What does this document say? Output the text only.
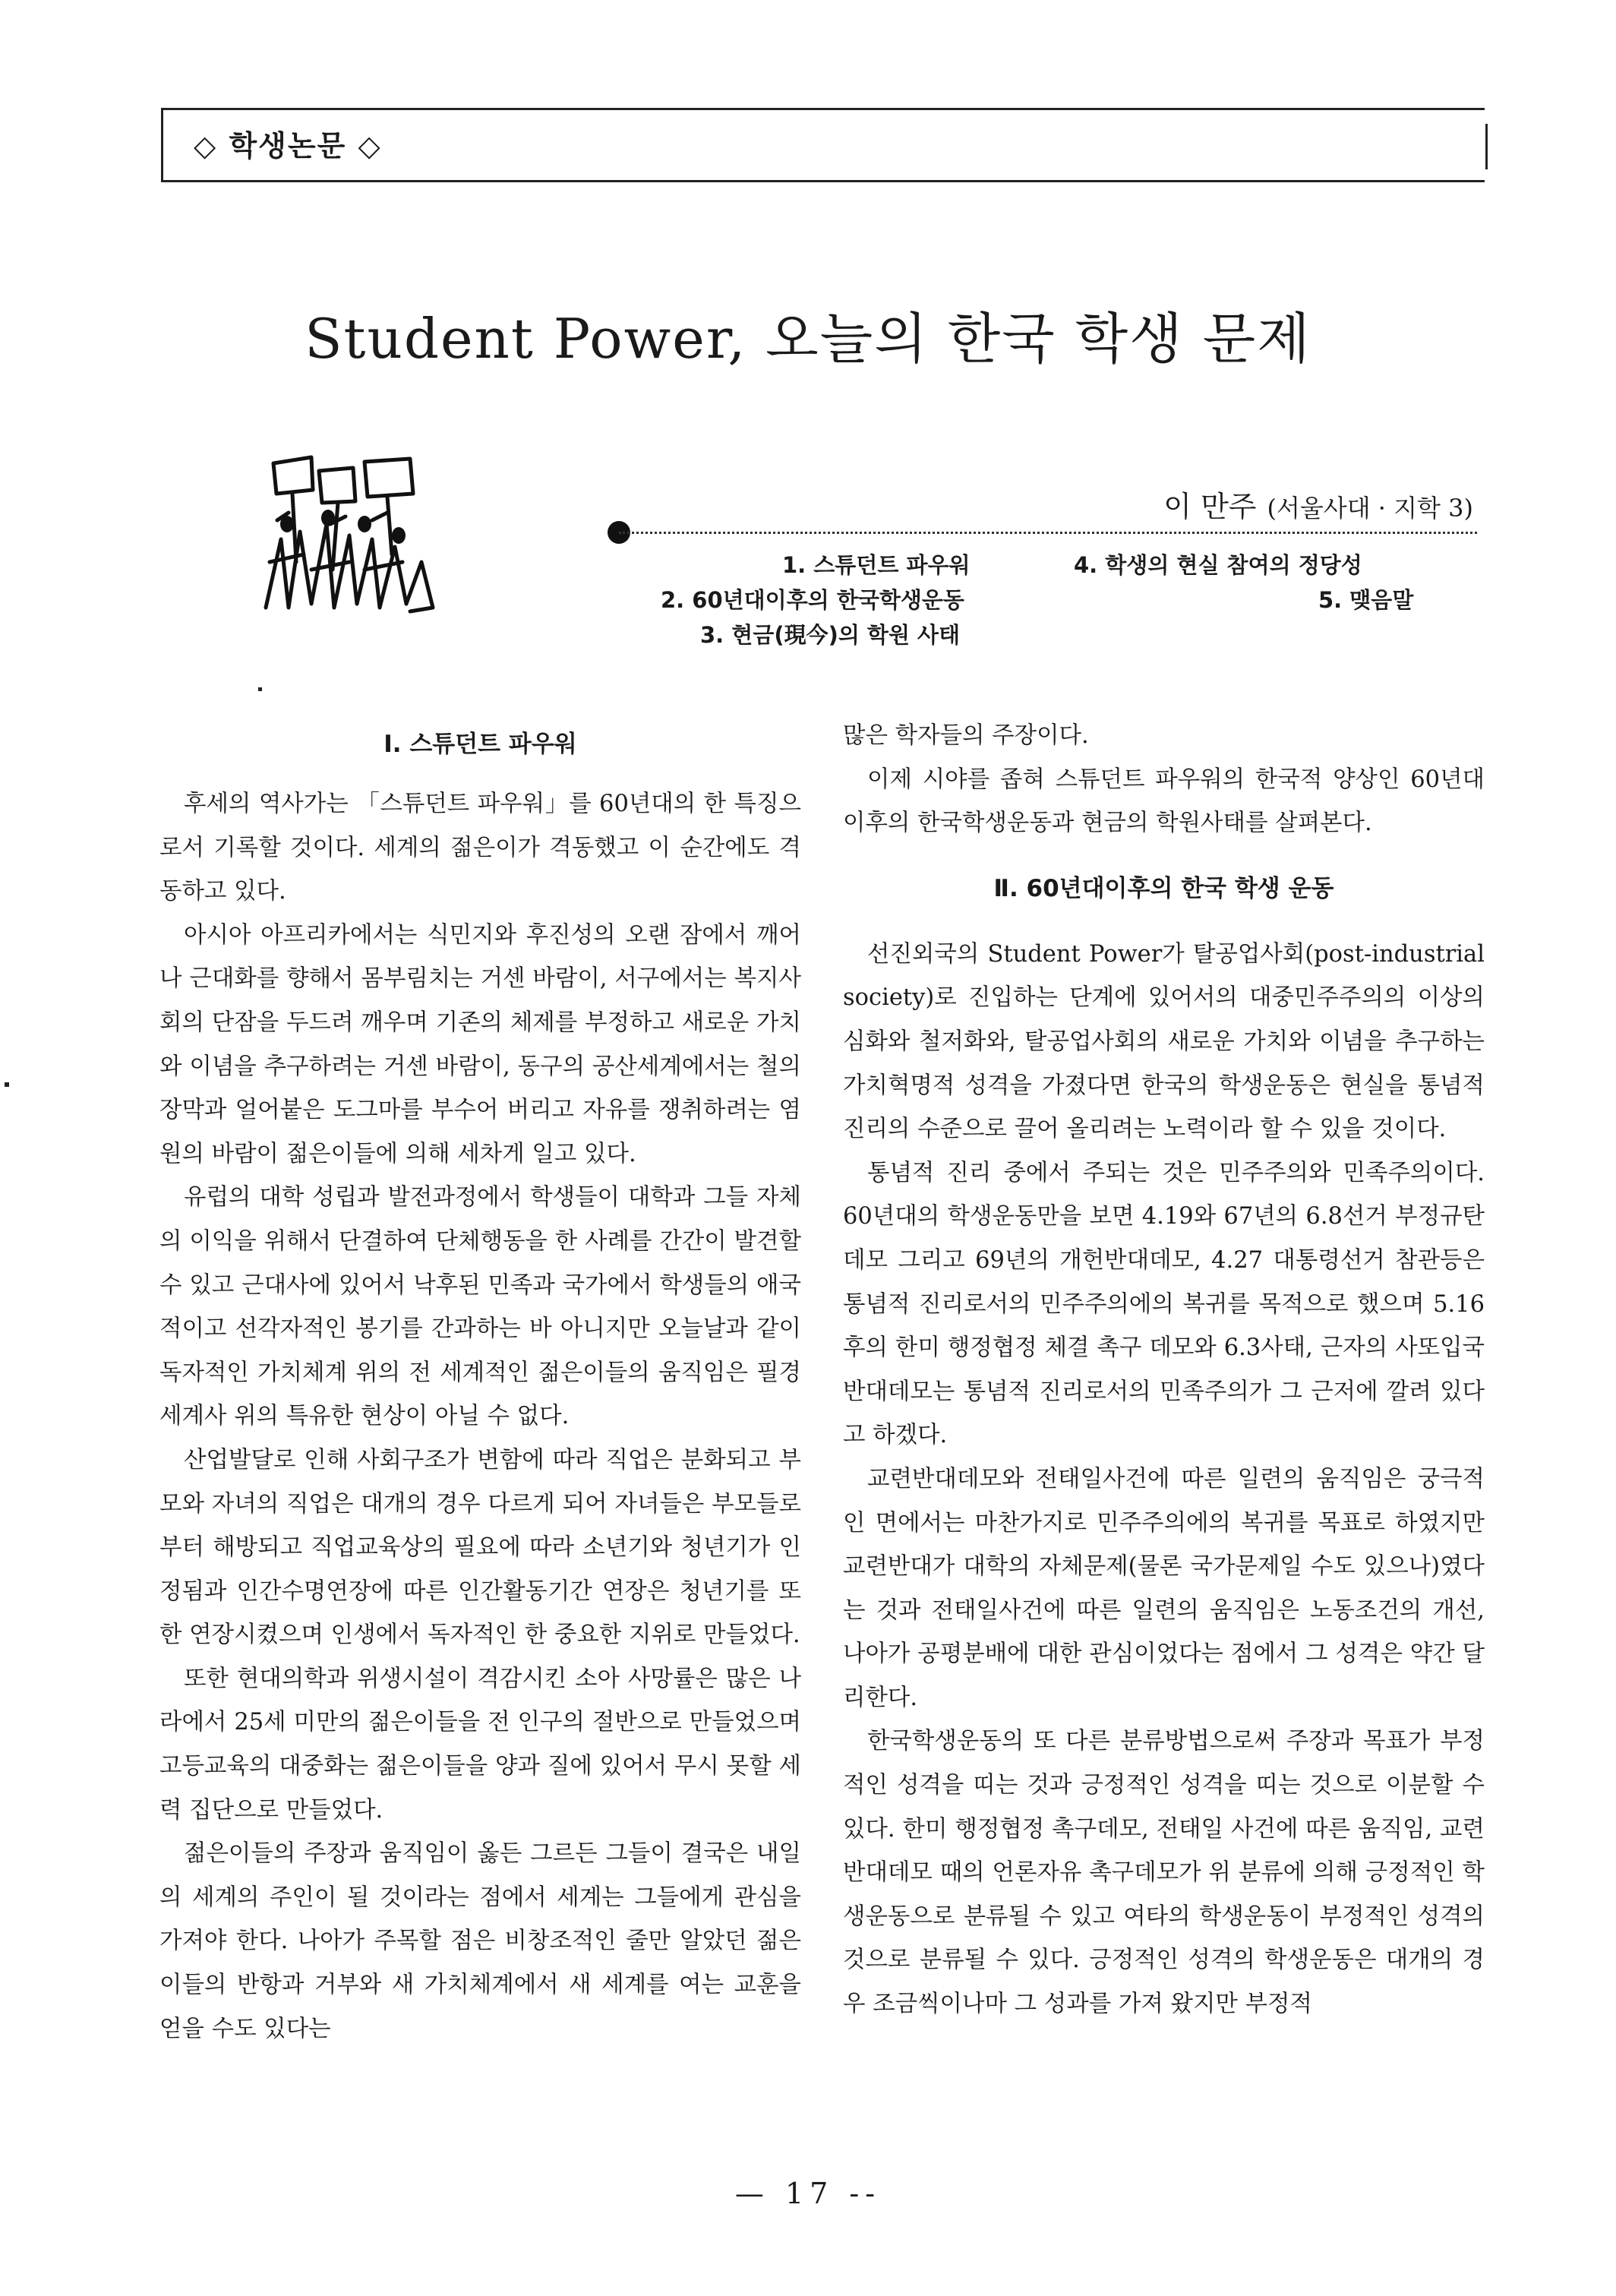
◇ 학생논문 ◇
Student Power, 오늘의 한국 학생 문제
이 만주 (서울사대 · 지학 3)
1. 스튜던트 파우워
2. 60년대이후의 한국학생운동
3. 현금(現今)의 학원 사태
4. 학생의 현실 참여의 정당성
5. 맺음말
Ⅰ. 스튜던트 파우워

후세의 역사가는 「스튜던트 파우워」를 60년대의 한 특징으로서 기록할 것이다. 세계의 젊은이가 격동했고 이 순간에도 격동하고 있다.

아시아 아프리카에서는 식민지와 후진성의 오랜 잠에서 깨어나 근대화를 향해서 몸부림치는 거센 바람이, 서구에서는 복지사회의 단잠을 두드려 깨우며 기존의 체제를 부정하고 새로운 가치와 이념을 추구하려는 거센 바람이, 동구의 공산세계에서는 철의 장막과 얼어붙은 도그마를 부수어 버리고 자유를 쟁취하려는 염원의 바람이 젊은이들에 의해 세차게 일고 있다.

유럽의 대학 성립과 발전과정에서 학생들이 대학과 그들 자체의 이익을 위해서 단결하여 단체행동을 한 사례를 간간이 발견할 수 있고 근대사에 있어서 낙후된 민족과 국가에서 학생들의 애국적이고 선각자적인 봉기를 간과하는 바 아니지만 오늘날과 같이 독자적인 가치체계 위의 전 세계적인 젊은이들의 움직임은 필경 세계사 위의 특유한 현상이 아닐 수 없다.

산업발달로 인해 사회구조가 변함에 따라 직업은 분화되고 부모와 자녀의 직업은 대개의 경우 다르게 되어 자녀들은 부모들로부터 해방되고 직업교육상의 필요에 따라 소년기와 청년기가 인정됨과 인간수명연장에 따른 인간활동기간 연장은 청년기를 또한 연장시켰으며 인생에서 독자적인 한 중요한 지위로 만들었다.

또한 현대의학과 위생시설이 격감시킨 소아 사망률은 많은 나라에서 25세 미만의 젊은이들을 전 인구의 절반으로 만들었으며 고등교육의 대중화는 젊은이들을 양과 질에 있어서 무시 못할 세력 집단으로 만들었다.

젊은이들의 주장과 움직임이 옳든 그르든 그들이 결국은 내일의 세계의 주인이 될 것이라는 점에서 세계는 그들에게 관심을 가져야 한다. 나아가 주목할 점은 비창조적인 줄만 알았던 젊은이들의 반항과 거부와 새 가치체계에서 새 세계를 여는 교훈을 얻을 수도 있다는

많은 학자들의 주장이다.

이제 시야를 좁혀 스튜던트 파우워의 한국적 양상인 60년대 이후의 한국학생운동과 현금의 학원사태를 살펴본다.

Ⅱ. 60년대이후의 한국 학생 운동

선진외국의 Student Power가 탈공업사회(post-industrial society)로 진입하는 단계에 있어서의 대중민주주의의 이상의 심화와 철저화와, 탈공업사회의 새로운 가치와 이념을 추구하는 가치혁명적 성격을 가졌다면 한국의 학생운동은 현실을 통념적 진리의 수준으로 끌어 올리려는 노력이라 할 수 있을 것이다.

통념적 진리 중에서 주되는 것은 민주주의와 민족주의이다. 60년대의 학생운동만을 보면 4.19와 67년의 6.8선거 부정규탄데모 그리고 69년의 개헌반대데모, 4.27 대통령선거 참관등은 통념적 진리로서의 민주주의에의 복귀를 목적으로 했으며 5.16후의 한미 행정협정 체결 촉구 데모와 6.3사태, 근자의 사또입국반대데모는 통념적 진리로서의 민족주의가 그 근저에 깔려 있다고 하겠다.

교련반대데모와 전태일사건에 따른 일련의 움직임은 궁극적인 면에서는 마찬가지로 민주주의에의 복귀를 목표로 하였지만 교련반대가 대학의 자체문제(물론 국가문제일 수도 있으나)였다는 것과 전태일사건에 따른 일련의 움직임은 노동조건의 개선, 나아가 공평분배에 대한 관심이었다는 점에서 그 성격은 약간 달리한다.

한국학생운동의 또 다른 분류방법으로써 주장과 목표가 부정적인 성격을 띠는 것과 긍정적인 성격을 띠는 것으로 이분할 수 있다. 한미 행정협정 촉구데모, 전태일 사건에 따른 움직임, 교련반대데모 때의 언론자유 촉구데모가 위 분류에 의해 긍정적인 학생운동으로 분류될 수 있고 여타의 학생운동이 부정적인 성격의 것으로 분류될 수 있다. 긍정적인 성격의 학생운동은 대개의 경우 조금씩이나마 그 성과를 가져 왔지만 부정적

— 17 --
